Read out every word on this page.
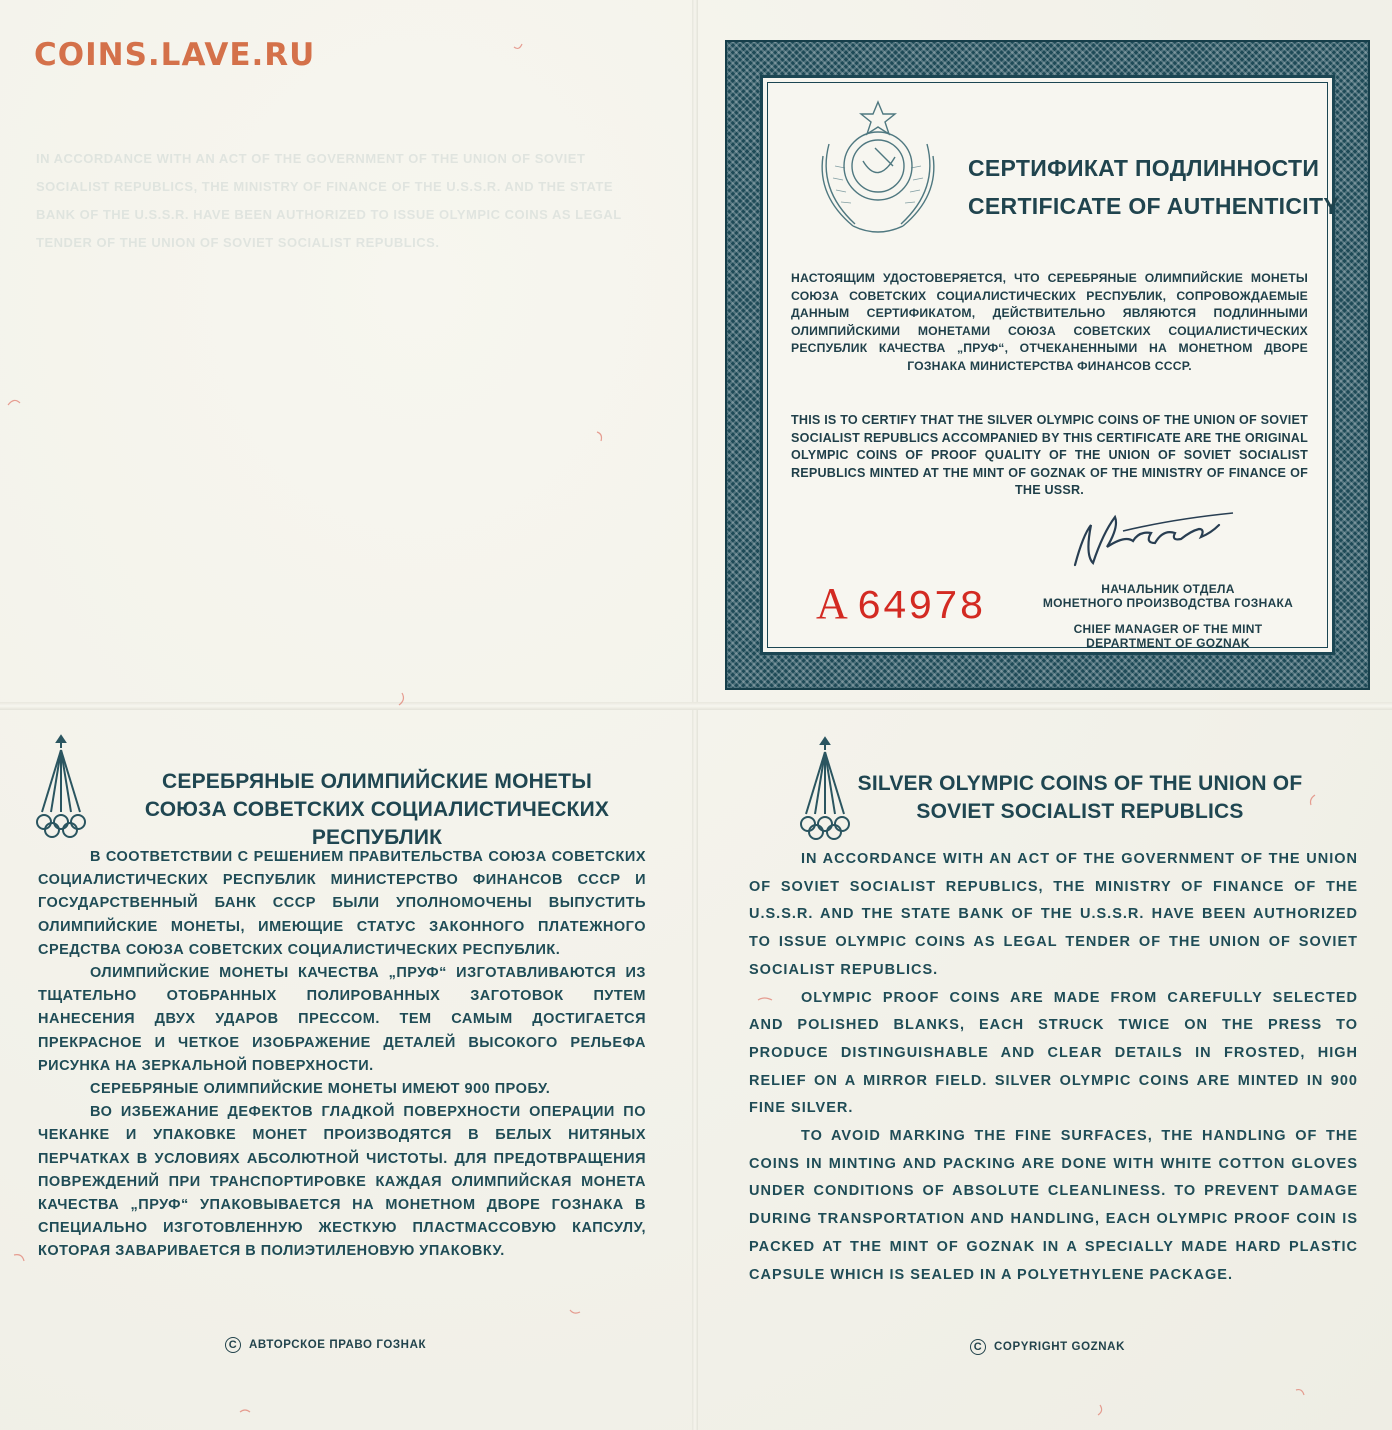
IN ACCORDANCE WITH AN ACT OF THE GOVERNMENT OF THE UNION OF SOVIET SOCIALIST REPUBLICS, THE MINISTRY OF FINANCE OF THE U.S.S.R. AND THE STATE BANK OF THE U.S.S.R. HAVE BEEN AUTHORIZED TO ISSUE OLYMPIC COINS AS LEGAL TENDER OF THE UNION OF SOVIET SOCIALIST REPUBLICS.

COINS.LAVE.RU

СЕРТИФИКАТ ПОДЛИННОСТИ

CERTIFICATE OF AUTHENTICITY

НАСТОЯЩИМ УДОСТОВЕРЯЕТСЯ, ЧТО СЕРЕБРЯНЫЕ ОЛИМПИЙСКИЕ МОНЕТЫ СОЮЗА СОВЕТСКИХ СОЦИАЛИСТИЧЕСКИХ РЕСПУБЛИК, СОПРОВОЖДАЕМЫЕ ДАННЫМ СЕРТИФИКАТОМ, ДЕЙСТВИТЕЛЬНО ЯВЛЯЮТСЯ ПОДЛИННЫМИ ОЛИМПИЙСКИМИ МОНЕТАМИ СОЮЗА СОВЕТСКИХ СОЦИАЛИСТИЧЕСКИХ РЕСПУБЛИК КАЧЕСТВА „ПРУФ“, ОТЧЕКАНЕННЫМИ НА МОНЕТНОМ ДВОРЕ ГОЗНАКА МИНИСТЕРСТВА ФИНАНСОВ СССР.

THIS IS TO CERTIFY THAT THE SILVER OLYMPIC COINS OF THE UNION OF SOVIET SOCIALIST REPUBLICS ACCOMPANIED BY THIS CERTIFICATE ARE THE ORIGINAL OLYMPIC COINS OF PROOF QUALITY OF THE UNION OF SOVIET SOCIALIST REPUBLICS MINTED AT THE MINT OF GOZNAK OF THE MINISTRY OF FINANCE OF THE USSR.

А 64978	НАЧАЛЬНИК ОТДЕЛА
МОНЕТНОГО ПРОИЗВОДСТВА ГОЗНАКА

CHIEF MANAGER OF THE MINT
DEPARTMENT OF GOZNAK

СЕРЕБРЯНЫЕ ОЛИМПИЙСКИЕ МОНЕТЫ
СОЮЗА СОВЕТСКИХ СОЦИАЛИСТИЧЕСКИХ РЕСПУБЛИК

В СООТВЕТСТВИИ С РЕШЕНИЕМ ПРАВИТЕЛЬСТВА СОЮЗА СОВЕТСКИХ СОЦИАЛИСТИЧЕСКИХ РЕСПУБЛИК МИНИСТЕРСТВО ФИНАНСОВ СССР И ГОСУДАРСТВЕННЫЙ БАНК СССР БЫЛИ УПОЛНОМОЧЕНЫ ВЫПУСТИТЬ ОЛИМПИЙСКИЕ МОНЕТЫ, ИМЕЮЩИЕ СТАТУС ЗАКОННОГО ПЛАТЕЖНОГО СРЕДСТВА СОЮЗА СОВЕТСКИХ СОЦИАЛИСТИЧЕСКИХ РЕСПУБЛИК.

ОЛИМПИЙСКИЕ МОНЕТЫ КАЧЕСТВА „ПРУФ“ ИЗГОТАВЛИВАЮТСЯ ИЗ ТЩАТЕЛЬНО ОТОБРАННЫХ ПОЛИРОВАННЫХ ЗАГОТОВОК ПУТЕМ НАНЕСЕНИЯ ДВУХ УДАРОВ ПРЕССОМ. ТЕМ САМЫМ ДОСТИГАЕТСЯ ПРЕКРАСНОЕ И ЧЕТКОЕ ИЗОБРАЖЕНИЕ ДЕТАЛЕЙ ВЫСОКОГО РЕЛЬЕФА РИСУНКА НА ЗЕРКАЛЬНОЙ ПОВЕРХНОСТИ.

СЕРЕБРЯНЫЕ ОЛИМПИЙСКИЕ МОНЕТЫ ИМЕЮТ 900 ПРОБУ.

ВО ИЗБЕЖАНИЕ ДЕФЕКТОВ ГЛАДКОЙ ПОВЕРХНОСТИ ОПЕРАЦИИ ПО ЧЕКАНКЕ И УПАКОВКЕ МОНЕТ ПРОИЗВОДЯТСЯ В БЕЛЫХ НИТЯНЫХ ПЕРЧАТКАХ В УСЛОВИЯХ АБСОЛЮТНОЙ ЧИСТОТЫ. ДЛЯ ПРЕДОТВРАЩЕНИЯ ПОВРЕЖДЕНИЙ ПРИ ТРАНСПОРТИРОВКЕ КАЖДАЯ ОЛИМПИЙСКАЯ МОНЕТА КАЧЕСТВА „ПРУФ“ УПАКОВЫВАЕТСЯ НА МОНЕТНОМ ДВОРЕ ГОЗНАКА В СПЕЦИАЛЬНО ИЗГОТОВЛЕННУЮ ЖЕСТКУЮ ПЛАСТМАССОВУЮ КАПСУЛУ, КОТОРАЯ ЗАВАРИВАЕТСЯ В ПОЛИЭТИЛЕНОВУЮ УПАКОВКУ.

C	АВТОРСКОЕ ПРАВО ГОЗНАК

SILVER OLYMPIC COINS OF THE UNION OF
SOVIET SOCIALIST REPUBLICS

IN ACCORDANCE WITH AN ACT OF THE GOVERNMENT OF THE UNION OF SOVIET SOCIALIST REPUBLICS, THE MINISTRY OF FINANCE OF THE U.S.S.R. AND THE STATE BANK OF THE U.S.S.R. HAVE BEEN AUTHORIZED TO ISSUE OLYMPIC COINS AS LEGAL TENDER OF THE UNION OF SOVIET SOCIALIST REPUBLICS.

OLYMPIC PROOF COINS ARE MADE FROM CAREFULLY SELECTED AND POLISHED BLANKS, EACH STRUCK TWICE ON THE PRESS TO PRODUCE DISTINGUISHABLE AND CLEAR DETAILS IN FROSTED, HIGH RELIEF ON A MIRROR FIELD. SILVER OLYMPIC COINS ARE MINTED IN 900 FINE SILVER.

TO AVOID MARKING THE FINE SURFACES, THE HANDLING OF THE COINS IN MINTING AND PACKING ARE DONE WITH WHITE COTTON GLOVES UNDER CONDITIONS OF ABSOLUTE CLEANLINESS. TO PREVENT DAMAGE DURING TRANSPORTATION AND HANDLING, EACH OLYMPIC PROOF COIN IS PACKED AT THE MINT OF GOZNAK IN A SPECIALLY MADE HARD PLASTIC CAPSULE WHICH IS SEALED IN A POLYETHYLENE PACKAGE.

C	COPYRIGHT GOZNAK
